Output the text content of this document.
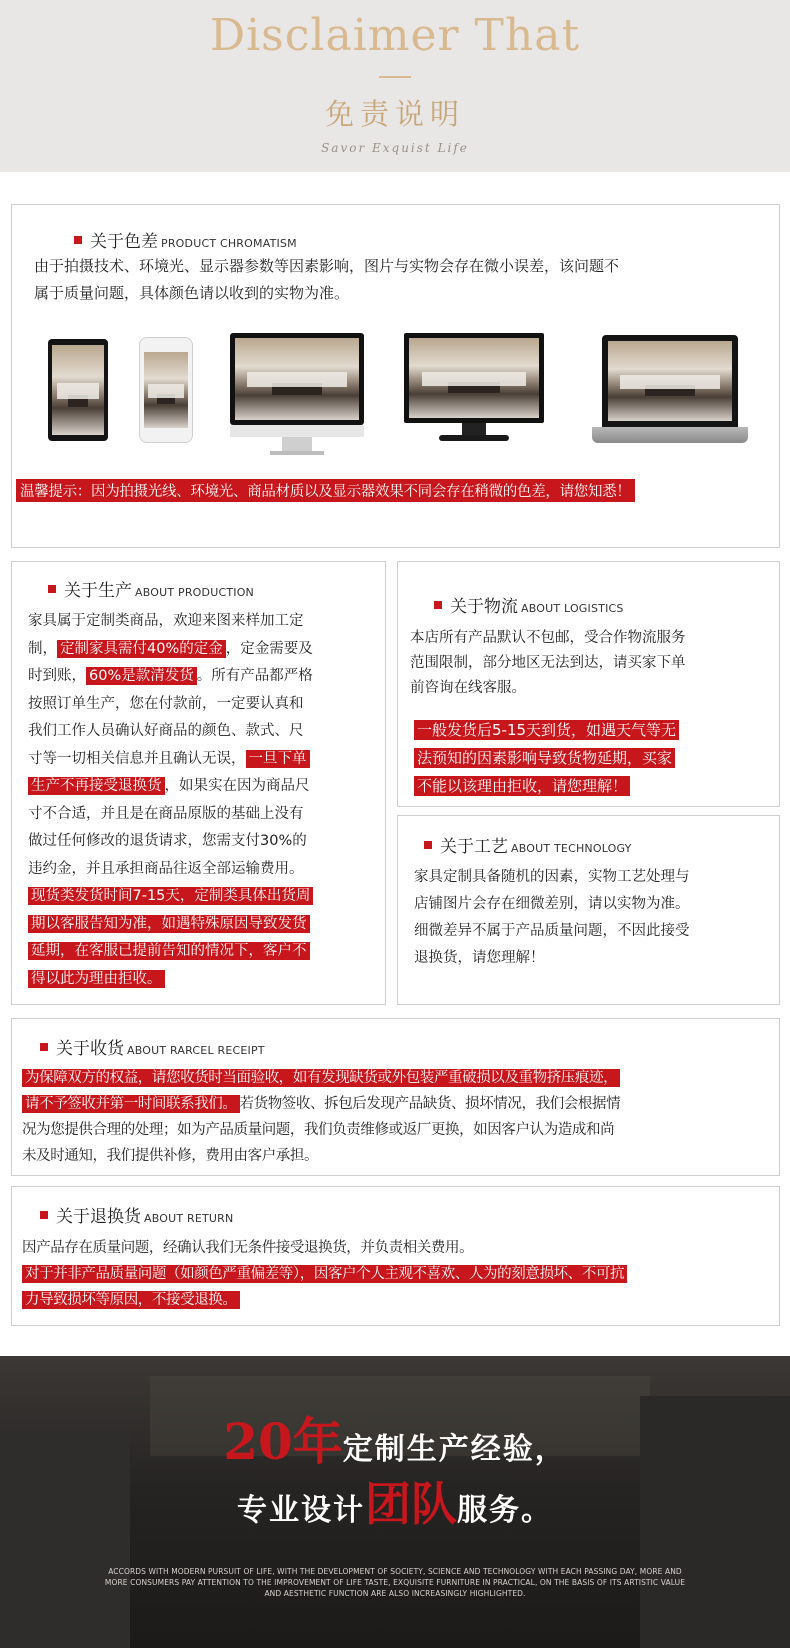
Disclaimer That
免责说明
Savor Exquist Life
关于色差 PRODUCT CHROMATISM
由于拍摄技术、环境光、显示器参数等因素影响，图片与实物会存在微小误差，该问题不
属于质量问题，具体颜色请以收到的实物为准。
温馨提示：因为拍摄光线、环境光、商品材质以及显示器效果不同会存在稍微的色差，请您知悉！
关于生产 ABOUT PRODUCTION
家具属于定制类商品，欢迎来图来样加工定
制， 定制家具需付40%的定金 ，定金需要及
时到账， 60%是款清发货 。所有产品都严格
按照订单生产，您在付款前，一定要认真和
我们工作人员确认好商品的颜色、款式、尺
寸等一切相关信息并且确认无误， 一旦下单
生产不再接受退换货 ，如果实在因为商品尺
寸不合适，并且是在商品原版的基础上没有
做过任何修改的退货请求，您需支付30%的
违约金，并且承担商品往返全部运输费用。
现货类发货时间7-15天，定制类具体出货周
期以客服告知为准，如遇特殊原因导致发货
延期，在客服已提前告知的情况下，客户不
得以此为理由拒收。
关于物流 ABOUT LOGISTICS
本店所有产品默认不包邮，受合作物流服务
范围限制，部分地区无法到达，请买家下单
前咨询在线客服。
一般发货后5-15天到货，如遇天气等无
法预知的因素影响导致货物延期，买家
不能以该理由拒收，请您理解！
关于工艺 ABOUT TECHNOLOGY
家具定制具备随机的因素，实物工艺处理与
店铺图片会存在细微差别，请以实物为准。
细微差异不属于产品质量问题，不因此接受
退换货，请您理解！
关于收货 ABOUT RARCEL RECEIPT
为保障双方的权益，请您收货时当面验收，如有发现缺货或外包装严重破损以及重物挤压痕迹，
请不予签收并第一时间联系我们。 若货物签收、拆包后发现产品缺货、损坏情况，我们会根据情
况为您提供合理的处理；如为产品质量问题，我们负责维修或返厂更换，如因客户认为造成和尚
未及时通知，我们提供补修，费用由客户承担。
关于退换货 ABOUT RETURN
因产品存在质量问题，经确认我们无条件接受退换货，并负责相关费用。
对于并非产品质量问题（如颜色严重偏差等），因客户个人主观不喜欢、人为的刻意损坏、不可抗
力导致损坏等原因，不接受退换。
20年定制生产经验，
专业设计团队服务。
ACCORDS WITH MODERN PURSUIT OF LIFE, WITH THE DEVELOPMENT OF SOCIETY, SCIENCE AND TECHNOLOGY WITH EACH PASSING DAY, MORE AND MORE CONSUMERS PAY ATTENTION TO THE IMPROVEMENT OF LIFE TASTE, EXQUISITE FURNITURE IN PRACTICAL, ON THE BASIS OF ITS ARTISTIC VALUE AND AESTHETIC FUNCTION ARE ALSO INCREASINGLY HIGHLIGHTED.
